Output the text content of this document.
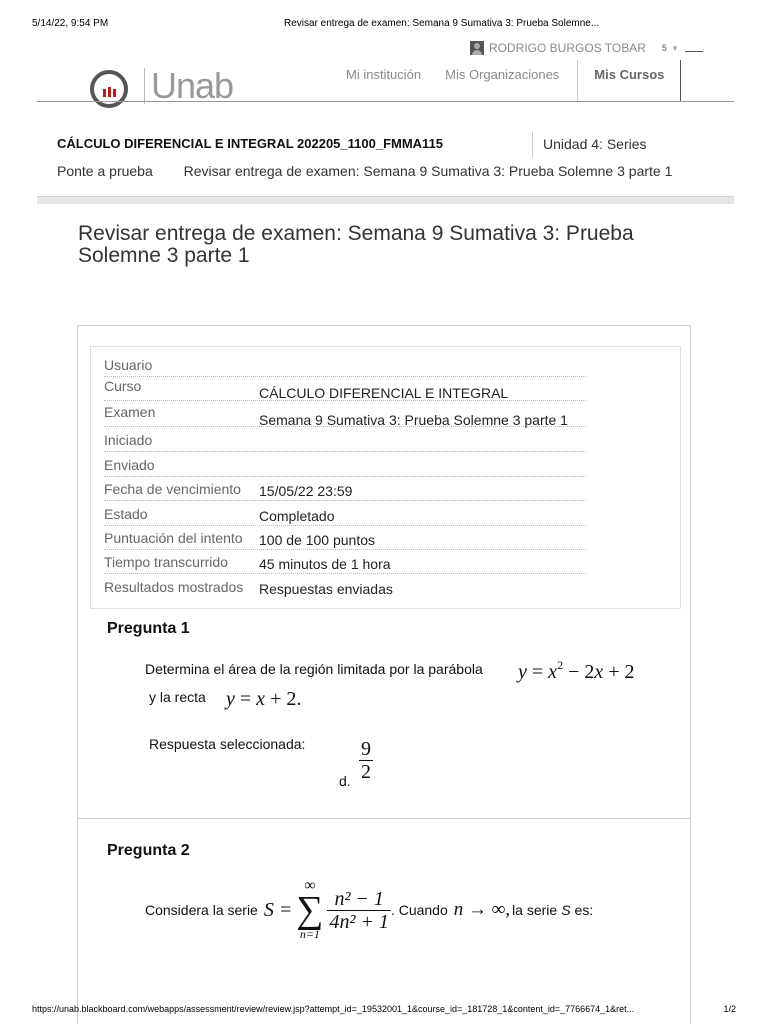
5/14/22, 9:54 PM	Revisar entrega de examen: Semana 9 Sumativa 3: Prueba Solemne...
RODRIGO BURGOS TOBAR 5 ▼
Unab	Mi institución	Mis Organizaciones	Mis Cursos
CÁLCULO DIFERENCIAL E INTEGRAL 202205_1100_FMMA115	Unidad 4: Series
Ponte a prueba Revisar entrega de examen: Semana 9 Sumativa 3: Prueba Solemne 3 parte 1
Revisar entrega de examen: Semana 9 Sumativa 3: Prueba Solemne 3 parte 1
Usuario
Curso	CÁLCULO DIFERENCIAL E INTEGRAL
Examen	Semana 9 Sumativa 3: Prueba Solemne 3 parte 1
Iniciado
Enviado
Fecha de vencimiento 15/05/22 23:59
Estado	Completado
Puntuación del intento 100 de 100 puntos
Tiempo transcurrido 45 minutos de 1 hora
Resultados mostrados Respuestas enviadas
Pregunta 1
Determina el área de la región limitada por la parábola $y = x^2 - 2x + 2$
y la recta y = x + 2.
Respuesta seleccionada:
d. $\frac{9}{2}$
Pregunta 2
Considera la serie S =
∞
∑
n=1
$\frac{\text{n² − 1}}{\text{4n² + 1}}$ . Cuando n → ∞, la serie S es:
https://unab.blackboard.com/webapps/assessment/review/review.jsp?attempt_id=_19532001_1&course_id=_181728_1&content_id=_7766674_1&ret...	1/2
